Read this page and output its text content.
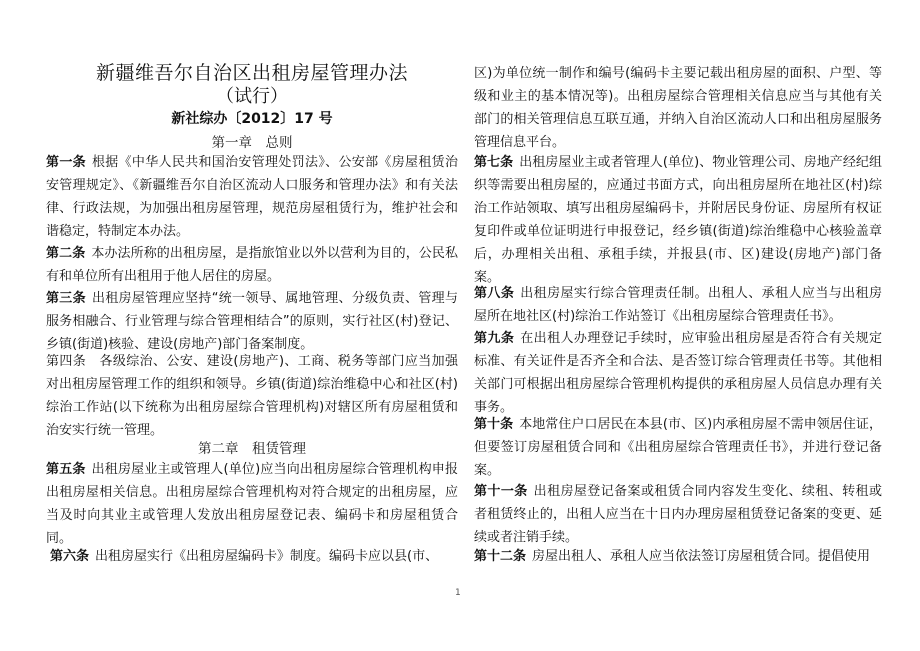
新疆维吾尔自治区出租房屋管理办法
（试行）
新社综办〔2012〕17 号
第一章　总则
第一条 根据《中华人民共和国治安管理处罚法》、公安部《房屋租赁治安管理规定》、《新疆维吾尔自治区流动人口服务和管理办法》和有关法律、行政法规，为加强出租房屋管理，规范房屋租赁行为，维护社会和谐稳定，特制定本办法。
第二条 本办法所称的出租房屋，是指旅馆业以外以营利为目的，公民私有和单位所有出租用于他人居住的房屋。
第三条 出租房屋管理应坚持“统一领导、属地管理、分级负责、管理与服务相融合、行业管理与综合管理相结合”的原则，实行社区(村)登记、乡镇(街道)核验、建设(房地产)部门备案制度。
第四条　各级综治、公安、建设(房地产)、工商、税务等部门应当加强对出租房屋管理工作的组织和领导。乡镇(街道)综治维稳中心和社区(村)综治工作站(以下统称为出租房屋综合管理机构)对辖区所有房屋租赁和治安实行统一管理。
第二章　租赁管理
第五条 出租房屋业主或管理人(单位)应当向出租房屋综合管理机构申报出租房屋相关信息。出租房屋综合管理机构对符合规定的出租房屋，应当及时向其业主或管理人发放出租房屋登记表、编码卡和房屋租赁合同。
第六条 出租房屋实行《出租房屋编码卡》制度。编码卡应以县(市、
区)为单位统一制作和编号(编码卡主要记载出租房屋的面积、户型、等级和业主的基本情况等)。出租房屋综合管理相关信息应当与其他有关部门的相关管理信息互联互通，并纳入自治区流动人口和出租房屋服务管理信息平台。
第七条 出租房屋业主或者管理人(单位)、物业管理公司、房地产经纪组织等需要出租房屋的，应通过书面方式，向出租房屋所在地社区(村)综治工作站领取、填写出租房屋编码卡，并附居民身份证、房屋所有权证复印件或单位证明进行申报登记，经乡镇(街道)综治维稳中心核验盖章后，办理相关出租、承租手续，并报县(市、区)建设(房地产)部门备案。
第八条 出租房屋实行综合管理责任制。出租人、承租人应当与出租房屋所在地社区(村)综治工作站签订《出租房屋综合管理责任书》。
第九条 在出租人办理登记手续时，应审验出租房屋是否符合有关规定标准、有关证件是否齐全和合法、是否签订综合管理责任书等。其他相关部门可根据出租房屋综合管理机构提供的承租房屋人员信息办理有关事务。
第十条 本地常住户口居民在本县(市、区)内承租房屋不需申领居住证，但要签订房屋租赁合同和《出租房屋综合管理责任书》，并进行登记备案。
第十一条 出租房屋登记备案或租赁合同内容发生变化、续租、转租或者租赁终止的，出租人应当在十日内办理房屋租赁登记备案的变更、延续或者注销手续。
第十二条 房屋出租人、承租人应当依法签订房屋租赁合同。提倡使用
1
